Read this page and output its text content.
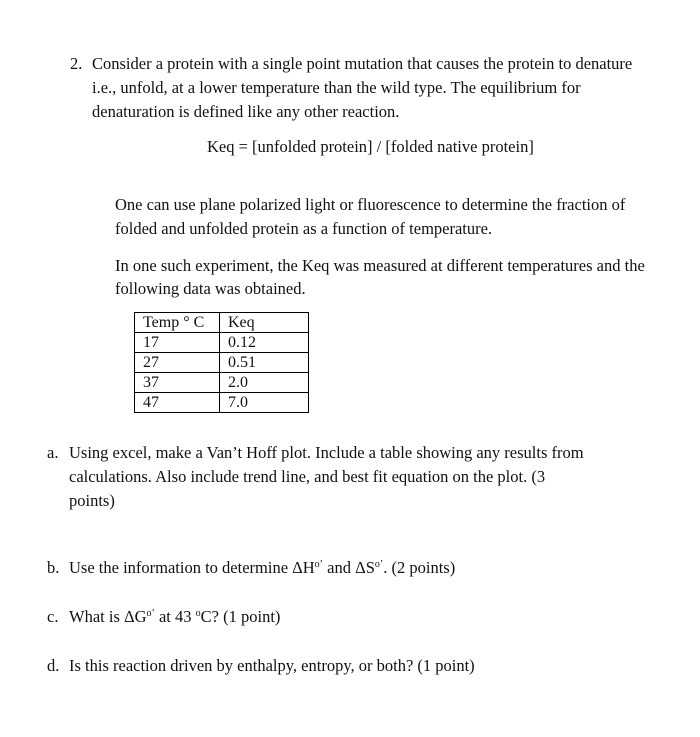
2. Consider a protein with a single point mutation that causes the protein to denature
i.e., unfold, at a lower temperature than the wild type. The equilibrium for
denaturation is defined like any other reaction.
Keq = [unfolded protein] / [folded native protein]
One can use plane polarized light or fluorescence to determine the fraction of
folded and unfolded protein as a function of temperature.
In one such experiment, the Keq was measured at different temperatures and the
following data was obtained.
Temp ° C	Keq
17	0.12
27	0.51
37	2.0
47	7.0
a. Using excel, make a Van’t Hoff plot. Include a table showing any results from
calculations. Also include trend line, and best fit equation on the plot. (3
points)
b. Use the information to determine $\Delta H^{o’}$ and $\Delta S^{o’}$. (2 points)
c. What is $\Delta G^{o’}$ at 43 $^o$C? (1 point)
d. Is this reaction driven by enthalpy, entropy, or both? (1 point)
